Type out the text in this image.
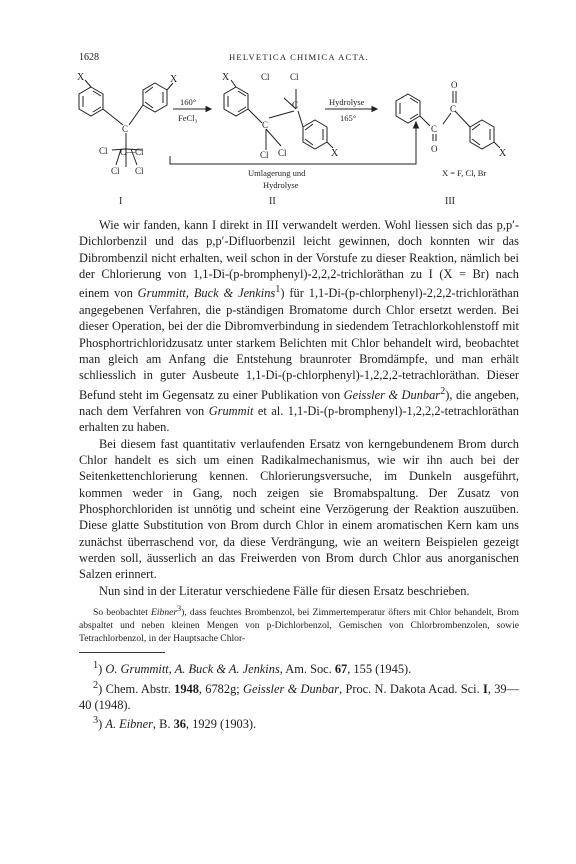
1628	HELVETICA CHIMICA ACTA.
X	X
C
C—Cl
Cl
Cl Cl
I
160°
FeCl₃
X	Cl Cl
C
C
Cl Cl	X
Hydrolyse
165°
Umlagerung und
Hydrolyse
II
O
C
C
O	X
X = F, Cl, Br
III

Wie wir fanden, kann I direkt in III verwandelt werden. Wohl liessen sich das p,p′-Dichlorbenzil und das p,p′-Difluorbenzil leicht gewinnen, doch konnten wir das Dibrombenzil nicht erhalten, weil schon in der Vorstufe zu dieser Reaktion, nämlich bei der Chlorierung von 1,1-Di-(p-bromphenyl)-2,2,2-trichloräthan zu I (X = Br) nach einem von Grummitt, Buck & Jenkins$^1$) für 1,1-Di-(p-chlorphenyl)-2,2,2-trichloräthan angegebenen Verfahren, die p-ständigen Bromatome durch Chlor ersetzt werden. Bei dieser Operation, bei der die Dibromverbindung in siedendem Tetrachlorkohlenstoff mit Phosphortrichloridzusatz unter starkem Belichten mit Chlor behandelt wird, beobachtet man gleich am Anfang die Entstehung braunroter Bromdämpfe, und man erhält schliesslich in guter Ausbeute 1,1-Di-(p-chlorphenyl)-1,2,2,2-tetrachloräthan. Dieser Befund steht im Gegensatz zu einer Publikation von Geissler & Dunbar$^2$), die angeben, nach dem Verfahren von Grummit et al. 1,1-Di-(p-bromphenyl)-1,2,2,2-tetrachloräthan erhalten zu haben.

Bei diesem fast quantitativ verlaufenden Ersatz von kerngebundenem Brom durch Chlor handelt es sich um einen Radikalmechanismus, wie wir ihn auch bei der Seitenkettenchlorierung kennen. Chlorierungsversuche, im Dunkeln ausgeführt, kommen weder in Gang, noch zeigen sie Bromabspaltung. Der Zusatz von Phosphorchloriden ist unnötig und scheint eine Verzögerung der Reaktion auszuüben. Diese glatte Substitution von Brom durch Chlor in einem aromatischen Kern kam uns zunächst überraschend vor, da diese Verdrängung, wie an weitern Beispielen gezeigt werden soll, äusserlich an das Freiwerden von Brom durch Chlor aus anorganischen Salzen erinnert.

Nun sind in der Literatur verschiedene Fälle für diesen Ersatz beschrieben.

So beobachtet Eibner$^3$), dass feuchtes Brombenzol, bei Zimmertemperatur öfters mit Chlor behandelt, Brom abspaltet und neben kleinen Mengen von p-Dichlorbenzol, Gemischen von Chlorbrombenzolen, sowie Tetrachlorbenzol, in der Hauptsache Chlor-

$^1$) O. Grummitt, A. Buck & A. Jenkins, Am. Soc. 67, 155 (1945).

$^2$) Chem. Abstr. 1948, 6782g; Geissler & Dunbar, Proc. N. Dakota Acad. Sci. I, 39—40 (1948).

$^3$) A. Eibner, B. 36, 1929 (1903).
